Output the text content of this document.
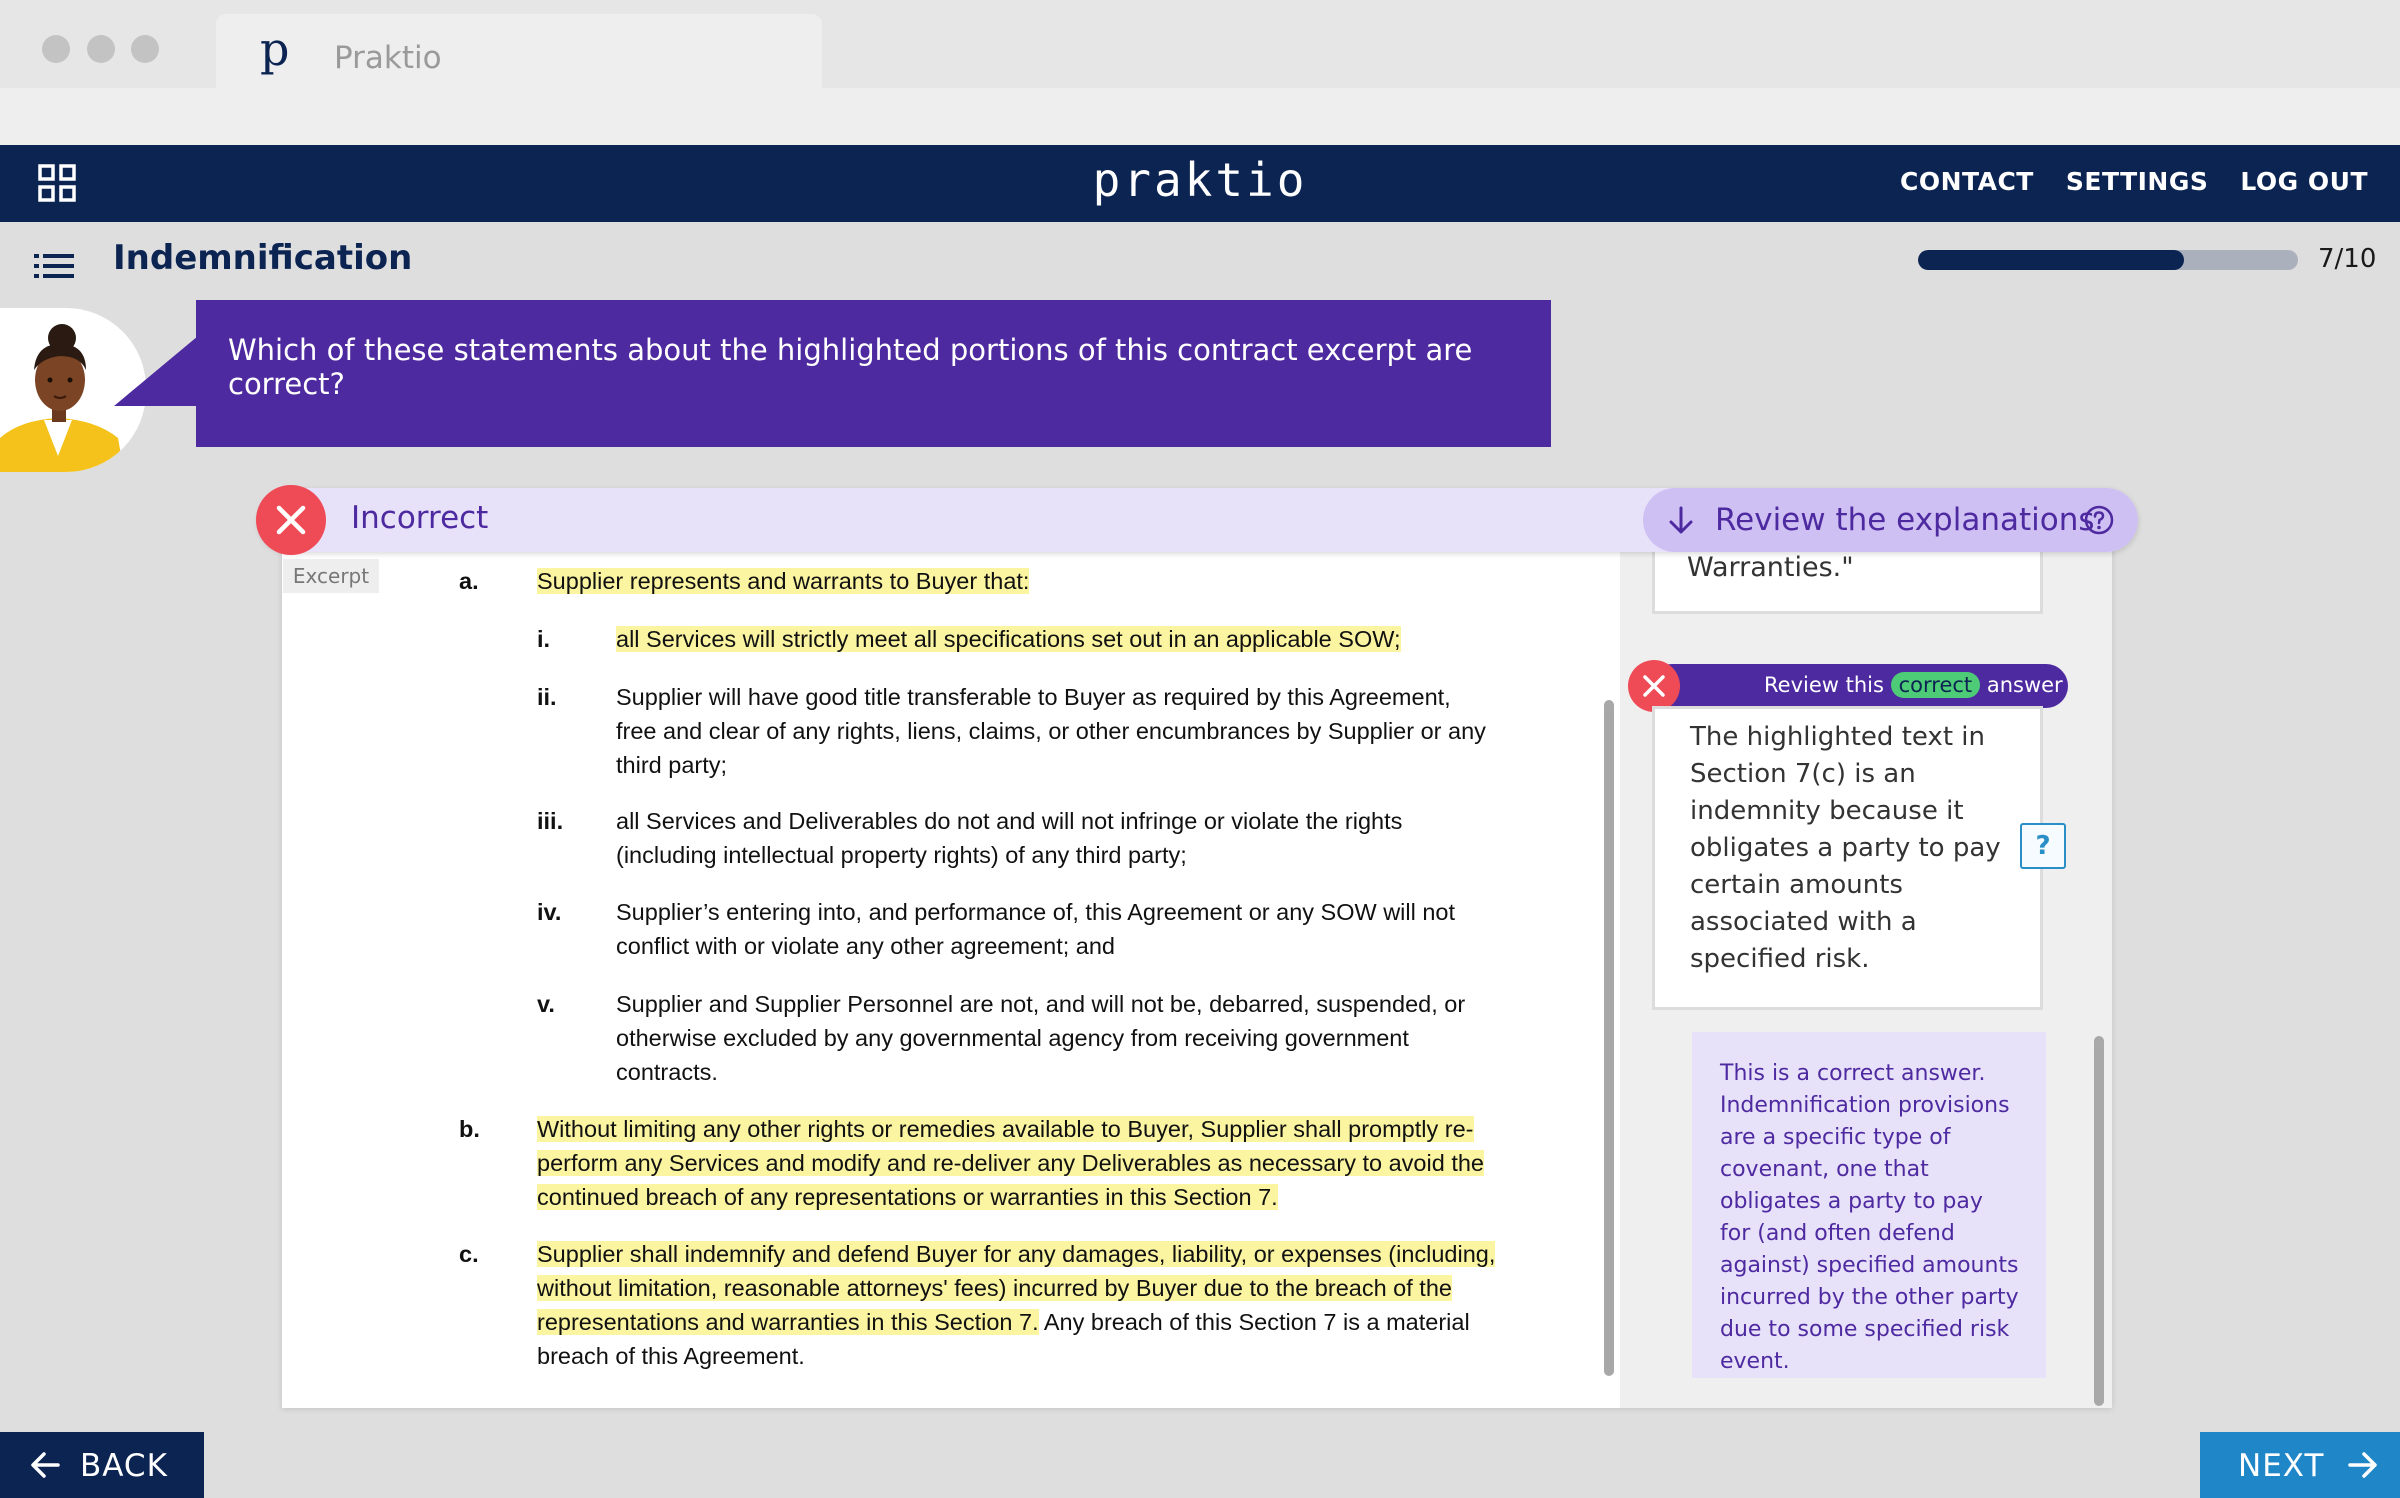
p Praktio
praktio	CONTACT SETTINGS LOG OUT
Indemnification	7/10
Which of these statements about the highlighted portions of this contract excerpt are correct?
Warranties."
Review this correct answer
The highlighted text in Section 7(c) is an indemnity because it obligates a party to pay certain amounts associated with a specified risk.
?
This is a correct answer. Indemnification provisions are a specific type of covenant, one that obligates a party to pay for (and often defend against) specified amounts incurred by the other party due to some specified risk event.
Incorrect	Review the explanations
Excerpt	a. Supplier represents and warrants to Buyer that:
i.	all Services will strictly meet all specifications set out in an applicable SOW;
ii.	Supplier will have good title transferable to Buyer as required by this Agreement, free and clear of any rights, liens, claims, or other encumbrances by Supplier or any third party;
iii. all Services and Deliverables do not and will not infringe or violate the rights (including intellectual property rights) of any third party;
iv. Supplier’s entering into, and performance of, this Agreement or any SOW will not conflict with or violate any other agreement; and
v.	Supplier and Supplier Personnel are not, and will not be, debarred, suspended, or otherwise excluded by any governmental agency from receiving government contracts.
b. Without limiting any other rights or remedies available to Buyer, Supplier shall promptly re-perform any Services and modify and re-deliver any Deliverables as necessary to avoid the continued breach of any representations or warranties in this Section 7.
c. Supplier shall indemnify and defend Buyer for any damages, liability, or expenses (including, without limitation, reasonable attorneys' fees) incurred by Buyer due to the breach of the representations and warranties in this Section 7. Any breach of this Section 7 is a material breach of this Agreement.
BACK	NEXT
